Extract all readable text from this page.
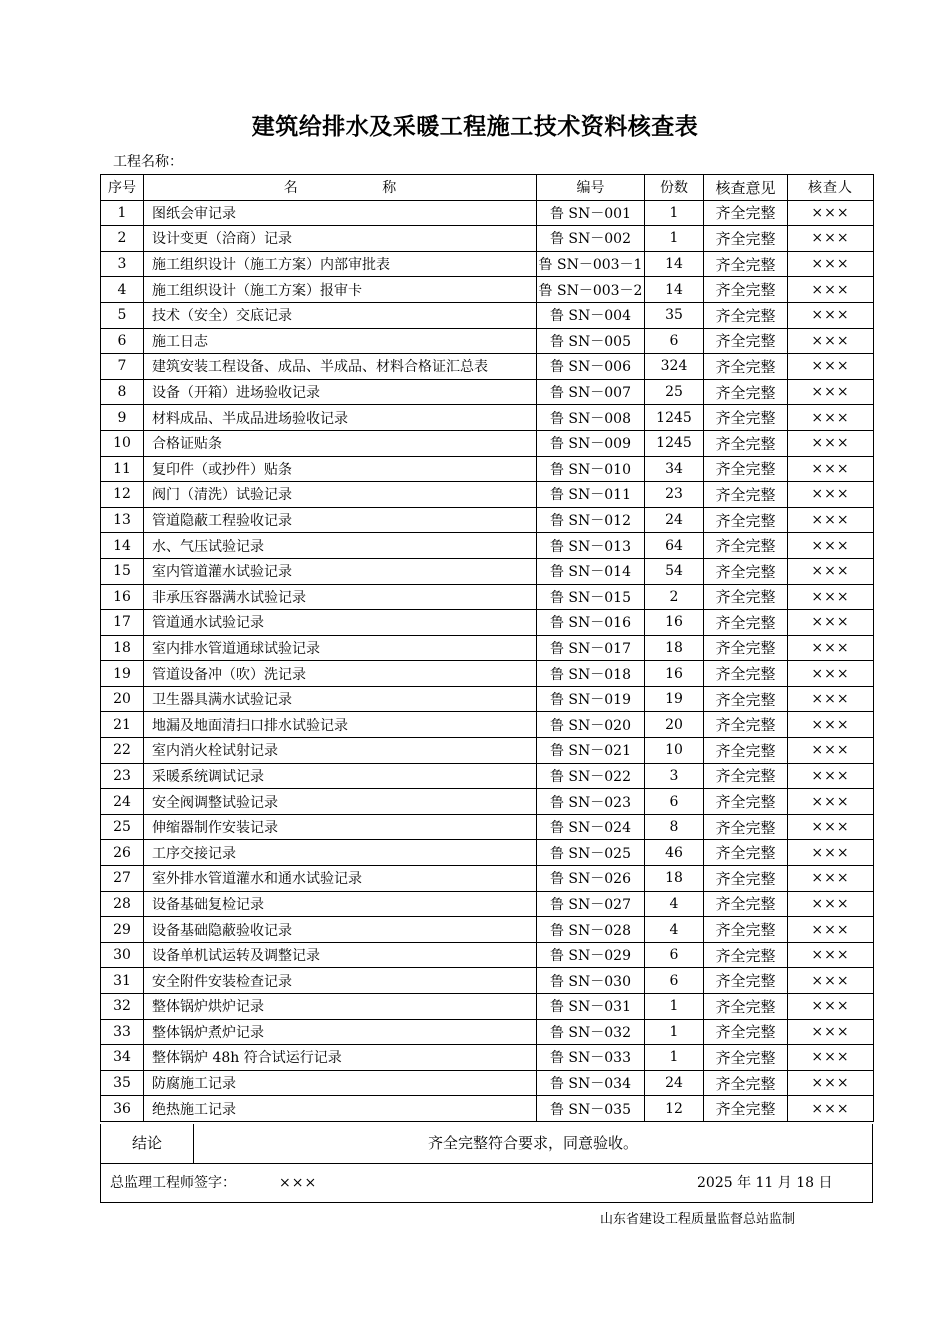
建筑给排水及采暖工程施工技术资料核查表
工程名称：
序号	名 称	编号	份数	核查意见	核查人
1	图纸会审记录	鲁 SN－001	1	齐全完整	×××
2	设计变更（洽商）记录	鲁 SN－002	1	齐全完整	×××
3	施工组织设计（施工方案）内部审批表	鲁 SN－003－1	14	齐全完整	×××
4	施工组织设计（施工方案）报审卡	鲁 SN－003－2	14	齐全完整	×××
5	技术（安全）交底记录	鲁 SN－004	35	齐全完整	×××
6	施工日志	鲁 SN－005	6	齐全完整	×××
7	建筑安装工程设备、成品、半成品、材料合格证汇总表	鲁 SN－006	324	齐全完整	×××
8	设备（开箱）进场验收记录	鲁 SN－007	25	齐全完整	×××
9	材料成品、半成品进场验收记录	鲁 SN－008	1245	齐全完整	×××
10	合格证贴条	鲁 SN－009	1245	齐全完整	×××
11	复印件（或抄件）贴条	鲁 SN－010	34	齐全完整	×××
12	阀门（清洗）试验记录	鲁 SN－011	23	齐全完整	×××
13	管道隐蔽工程验收记录	鲁 SN－012	24	齐全完整	×××
14	水、气压试验记录	鲁 SN－013	64	齐全完整	×××
15	室内管道灌水试验记录	鲁 SN－014	54	齐全完整	×××
16	非承压容器满水试验记录	鲁 SN－015	2	齐全完整	×××
17	管道通水试验记录	鲁 SN－016	16	齐全完整	×××
18	室内排水管道通球试验记录	鲁 SN－017	18	齐全完整	×××
19	管道设备冲（吹）洗记录	鲁 SN－018	16	齐全完整	×××
20	卫生器具满水试验记录	鲁 SN－019	19	齐全完整	×××
21	地漏及地面清扫口排水试验记录	鲁 SN－020	20	齐全完整	×××
22	室内消火栓试射记录	鲁 SN－021	10	齐全完整	×××
23	采暖系统调试记录	鲁 SN－022	3	齐全完整	×××
24	安全阀调整试验记录	鲁 SN－023	6	齐全完整	×××
25	伸缩器制作安装记录	鲁 SN－024	8	齐全完整	×××
26	工序交接记录	鲁 SN－025	46	齐全完整	×××
27	室外排水管道灌水和通水试验记录	鲁 SN－026	18	齐全完整	×××
28	设备基础复检记录	鲁 SN－027	4	齐全完整	×××
29	设备基础隐蔽验收记录	鲁 SN－028	4	齐全完整	×××
30	设备单机试运转及调整记录	鲁 SN－029	6	齐全完整	×××
31	安全附件安装检查记录	鲁 SN－030	6	齐全完整	×××
32	整体锅炉烘炉记录	鲁 SN－031	1	齐全完整	×××
33	整体锅炉煮炉记录	鲁 SN－032	1	齐全完整	×××
34	整体锅炉 48h 符合试运行记录	鲁 SN－033	1	齐全完整	×××
35	防腐施工记录	鲁 SN－034	24	齐全完整	×××
36	绝热施工记录	鲁 SN－035	12	齐全完整	×××
结论	齐全完整符合要求，同意验收。
总监理工程师签字：	×××	2025 年 11 月 18 日
山东省建设工程质量监督总站监制
